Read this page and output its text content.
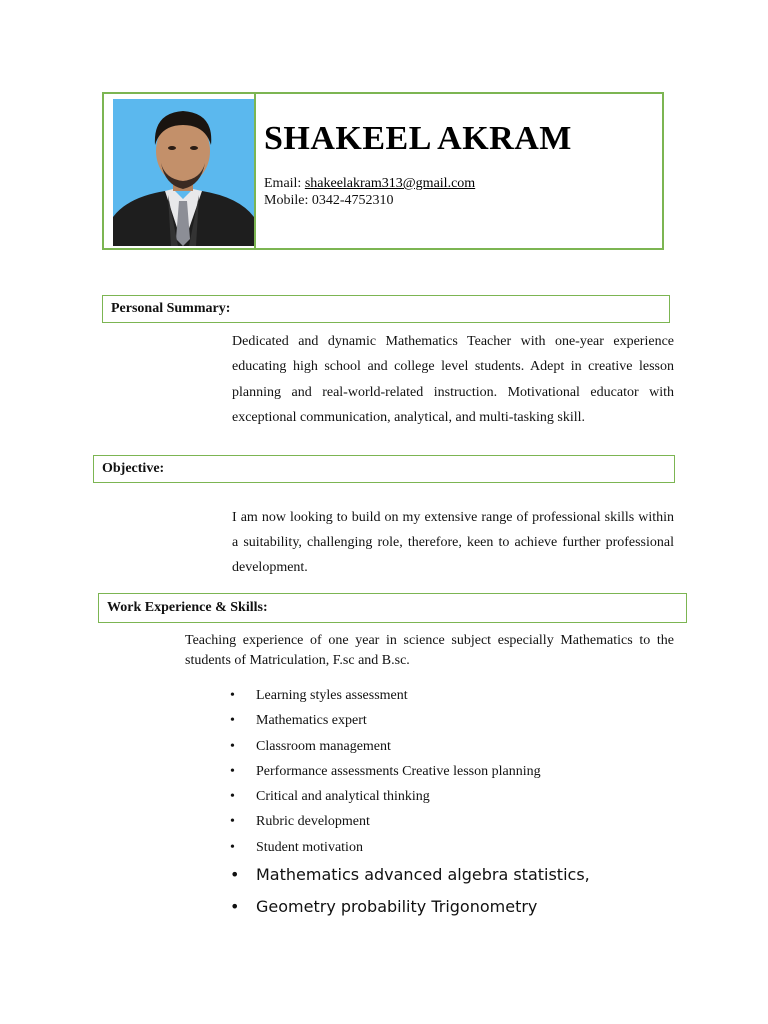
SHAKEEL AKRAM
Email: shakeelakram313@gmail.com
Mobile: 0342-4752310
Personal Summary:
Dedicated and dynamic Mathematics Teacher with one-year experience educating high school and college level students. Adept in creative lesson planning and real-world-related instruction. Motivational educator with exceptional communication, analytical, and multi-tasking skill.
Objective:
I am now looking to build on my extensive range of professional skills within a suitability, challenging role, therefore, keen to achieve further professional development.
Work Experience & Skills:
Teaching experience of one year in science subject especially Mathematics to the students of Matriculation, F.sc and B.sc.
• Learning styles assessment
• Mathematics expert
• Classroom management
• Performance assessments Creative lesson planning
• Critical and analytical thinking
• Rubric development
• Student motivation
• Mathematics advanced algebra statistics,
• Geometry probability Trigonometry
